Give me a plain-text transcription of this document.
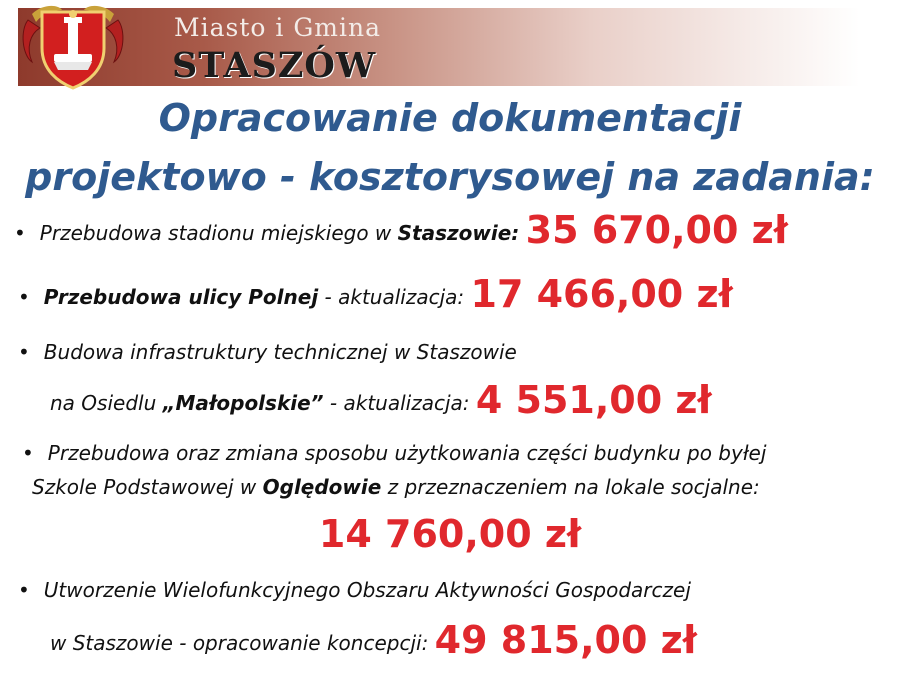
Miasto i Gmina
STASZÓW
Opracowanie dokumentacji
projektowo - kosztorysowej na zadania:
• Przebudowa stadionu miejskiego w Staszowie: 35 670,00 zł
• Przebudowa ulicy Polnej - aktualizacja: 17 466,00 zł
• Budowa infrastruktury technicznej w Staszowie
na Osiedlu „Małopolskie” - aktualizacja: 4 551,00 zł
• Przebudowa oraz zmiana sposobu użytkowania części budynku po byłej
Szkole Podstawowej w Oględowie z przeznaczeniem na lokale socjalne:
14 760,00 zł
• Utworzenie Wielofunkcyjnego Obszaru Aktywności Gospodarczej
w Staszowie - opracowanie koncepcji: 49 815,00 zł
